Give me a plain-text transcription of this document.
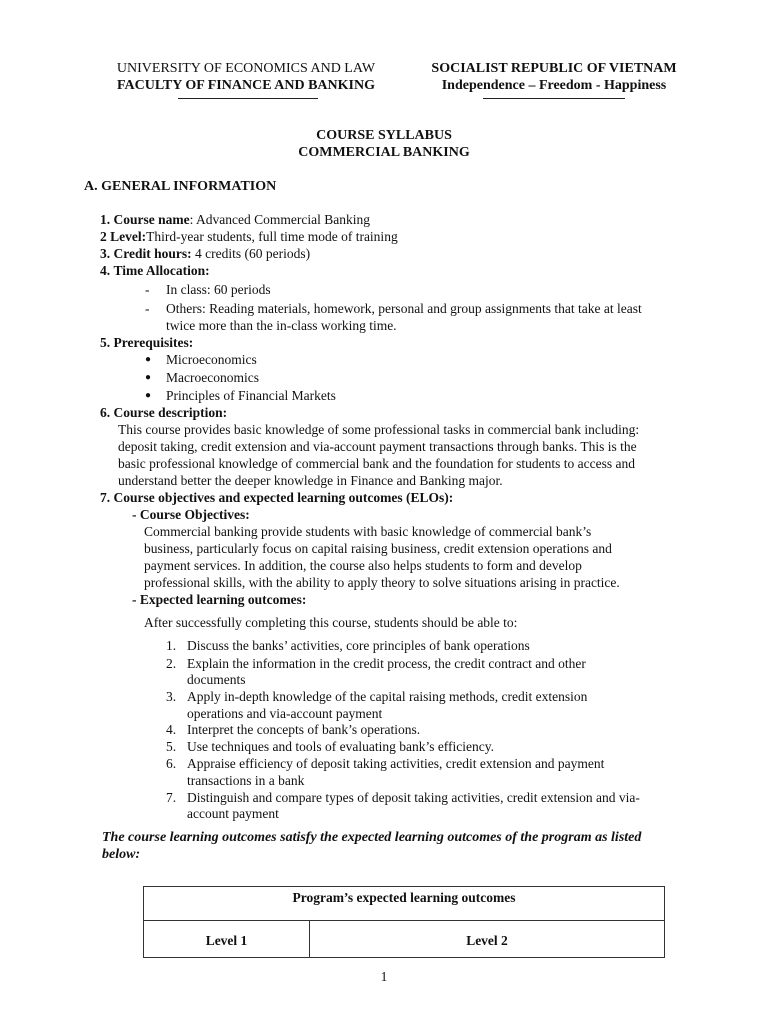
UNIVERSITY OF ECONOMICS AND LAW
FACULTY OF FINANCE AND BANKING
SOCIALIST REPUBLIC OF VIETNAM
Independence – Freedom - Happiness
COURSE SYLLABUS
COMMERCIAL BANKING
A. GENERAL INFORMATION
1. Course name: Advanced Commercial Banking
2 Level:Third-year students, full time mode of training
3. Credit hours: 4 credits (60 periods)
4. Time Allocation:
- In class: 60 periods
- Others: Reading materials, homework, personal and group assignments that take at least
twice more than the in-class working time.
5. Prerequisites:
● Microeconomics
● Macroeconomics
● Principles of Financial Markets
6. Course description:
This course provides basic knowledge of some professional tasks in commercial bank including:
deposit taking, credit extension and via-account payment transactions through banks. This is the
basic professional knowledge of commercial bank and the foundation for students to access and
understand better the deeper knowledge in Finance and Banking major.
7. Course objectives and expected learning outcomes (ELOs):
- Course Objectives:
Commercial banking provide students with basic knowledge of commercial bank’s
business, particularly focus on capital raising business, credit extension operations and
payment services. In addition, the course also helps students to form and develop
professional skills, with the ability to apply theory to solve situations arising in practice.
- Expected learning outcomes:
After successfully completing this course, students should be able to:
1. Discuss the banks’ activities, core principles of bank operations
2. Explain the information in the credit process, the credit contract and other
documents
3. Apply in-depth knowledge of the capital raising methods, credit extension
operations and via-account payment
4. Interpret the concepts of bank’s operations.
5. Use techniques and tools of evaluating bank’s efficiency.
6. Appraise efficiency of deposit taking activities, credit extension and payment
transactions in a bank
7. Distinguish and compare types of deposit taking activities, credit extension and via-
account payment
The course learning outcomes satisfy the expected learning outcomes of the program as listed
below:
Program’s expected learning outcomes
Level 1	Level 2
1
